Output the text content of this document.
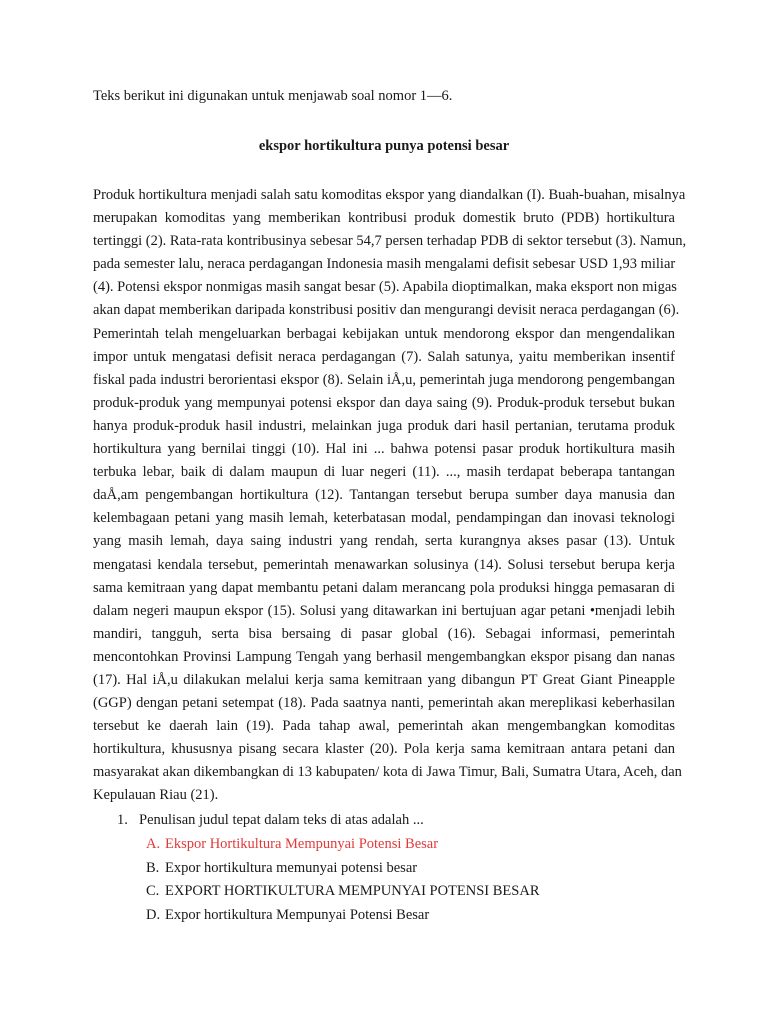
Teks berikut ini digunakan untuk menjawab soal nomor 1—6.
ekspor hortikultura punya potensi besar
Produk hortikultura menjadi salah satu komoditas ekspor yang diandalkan (I). Buah-buahan, misalnya
merupakan komoditas yang memberikan kontribusi produk domestik bruto (PDB) hortikultura
tertinggi (2). Rata-rata kontribusinya sebesar 54,7 persen terhadap PDB di sektor tersebut (3). Namun,
pada semester lalu, neraca perdagangan Indonesia masih mengalami defisit sebesar USD 1,93 miliar
(4). Potensi ekspor nonmigas masih sangat besar (5). Apabila dioptimalkan, maka eksport non migas
akan dapat memberikan daripada konstribusi positiv dan mengurangi devisit neraca perdagangan (6).
Pemerintah telah mengeluarkan berbagai kebijakan untuk mendorong ekspor dan mengendalikan
impor untuk mengatasi defisit neraca perdagangan (7). Salah satunya, yaitu memberikan insentif
fiskal pada industri berorientasi ekspor (8). Selain iÅ,u, pemerintah juga mendorong pengembangan
produk-produk yang mempunyai potensi ekspor dan daya saing (9). Produk-produk tersebut bukan
hanya produk-produk hasil industri, melainkan juga produk dari hasil pertanian, terutama produk
hortikultura yang bernilai tinggi (10). Hal ini ... bahwa potensi pasar produk hortikultura masih
terbuka lebar, baik di dalam maupun di luar negeri (11). ..., masih terdapat beberapa tantangan
daÅ,am pengembangan hortikultura (12). Tantangan tersebut berupa sumber daya manusia dan
kelembagaan petani yang masih lemah, keterbatasan modal, pendampingan dan inovasi teknologi
yang masih lemah, daya saing industri yang rendah, serta kurangnya akses pasar (13). Untuk
mengatasi kendala tersebut, pemerintah menawarkan solusinya (14). Solusi tersebut berupa kerja
sama kemitraan yang dapat membantu petani dalam merancang pola produksi hingga pemasaran di
dalam negeri maupun ekspor (15). Solusi yang ditawarkan ini bertujuan agar petani •menjadi lebih
mandiri, tangguh, serta bisa bersaing di pasar global (16). Sebagai informasi, pemerintah
mencontohkan Provinsi Lampung Tengah yang berhasil mengembangkan ekspor pisang dan nanas
(17). Hal iÅ,u dilakukan melalui kerja sama kemitraan yang dibangun PT Great Giant Pineapple
(GGP) dengan petani setempat (18). Pada saatnya nanti, pemerintah akan mereplikasi keberhasilan
tersebut ke daerah lain (19). Pada tahap awal, pemerintah akan mengembangkan komoditas
hortikultura, khususnya pisang secara klaster (20). Pola kerja sama kemitraan antara petani dan
masyarakat akan dikembangkan di 13 kabupaten/ kota di Jawa Timur, Bali, Sumatra Utara, Aceh, dan
Kepulauan Riau (21).
1. Penulisan judul tepat dalam teks di atas adalah ...
A. Ekspor Hortikultura Mempunyai Potensi Besar
B. Expor hortikultura memunyai potensi besar
C. EXPORT HORTIKULTURA MEMPUNYAI POTENSI BESAR
D. Expor hortikultura Mempunyai Potensi Besar
